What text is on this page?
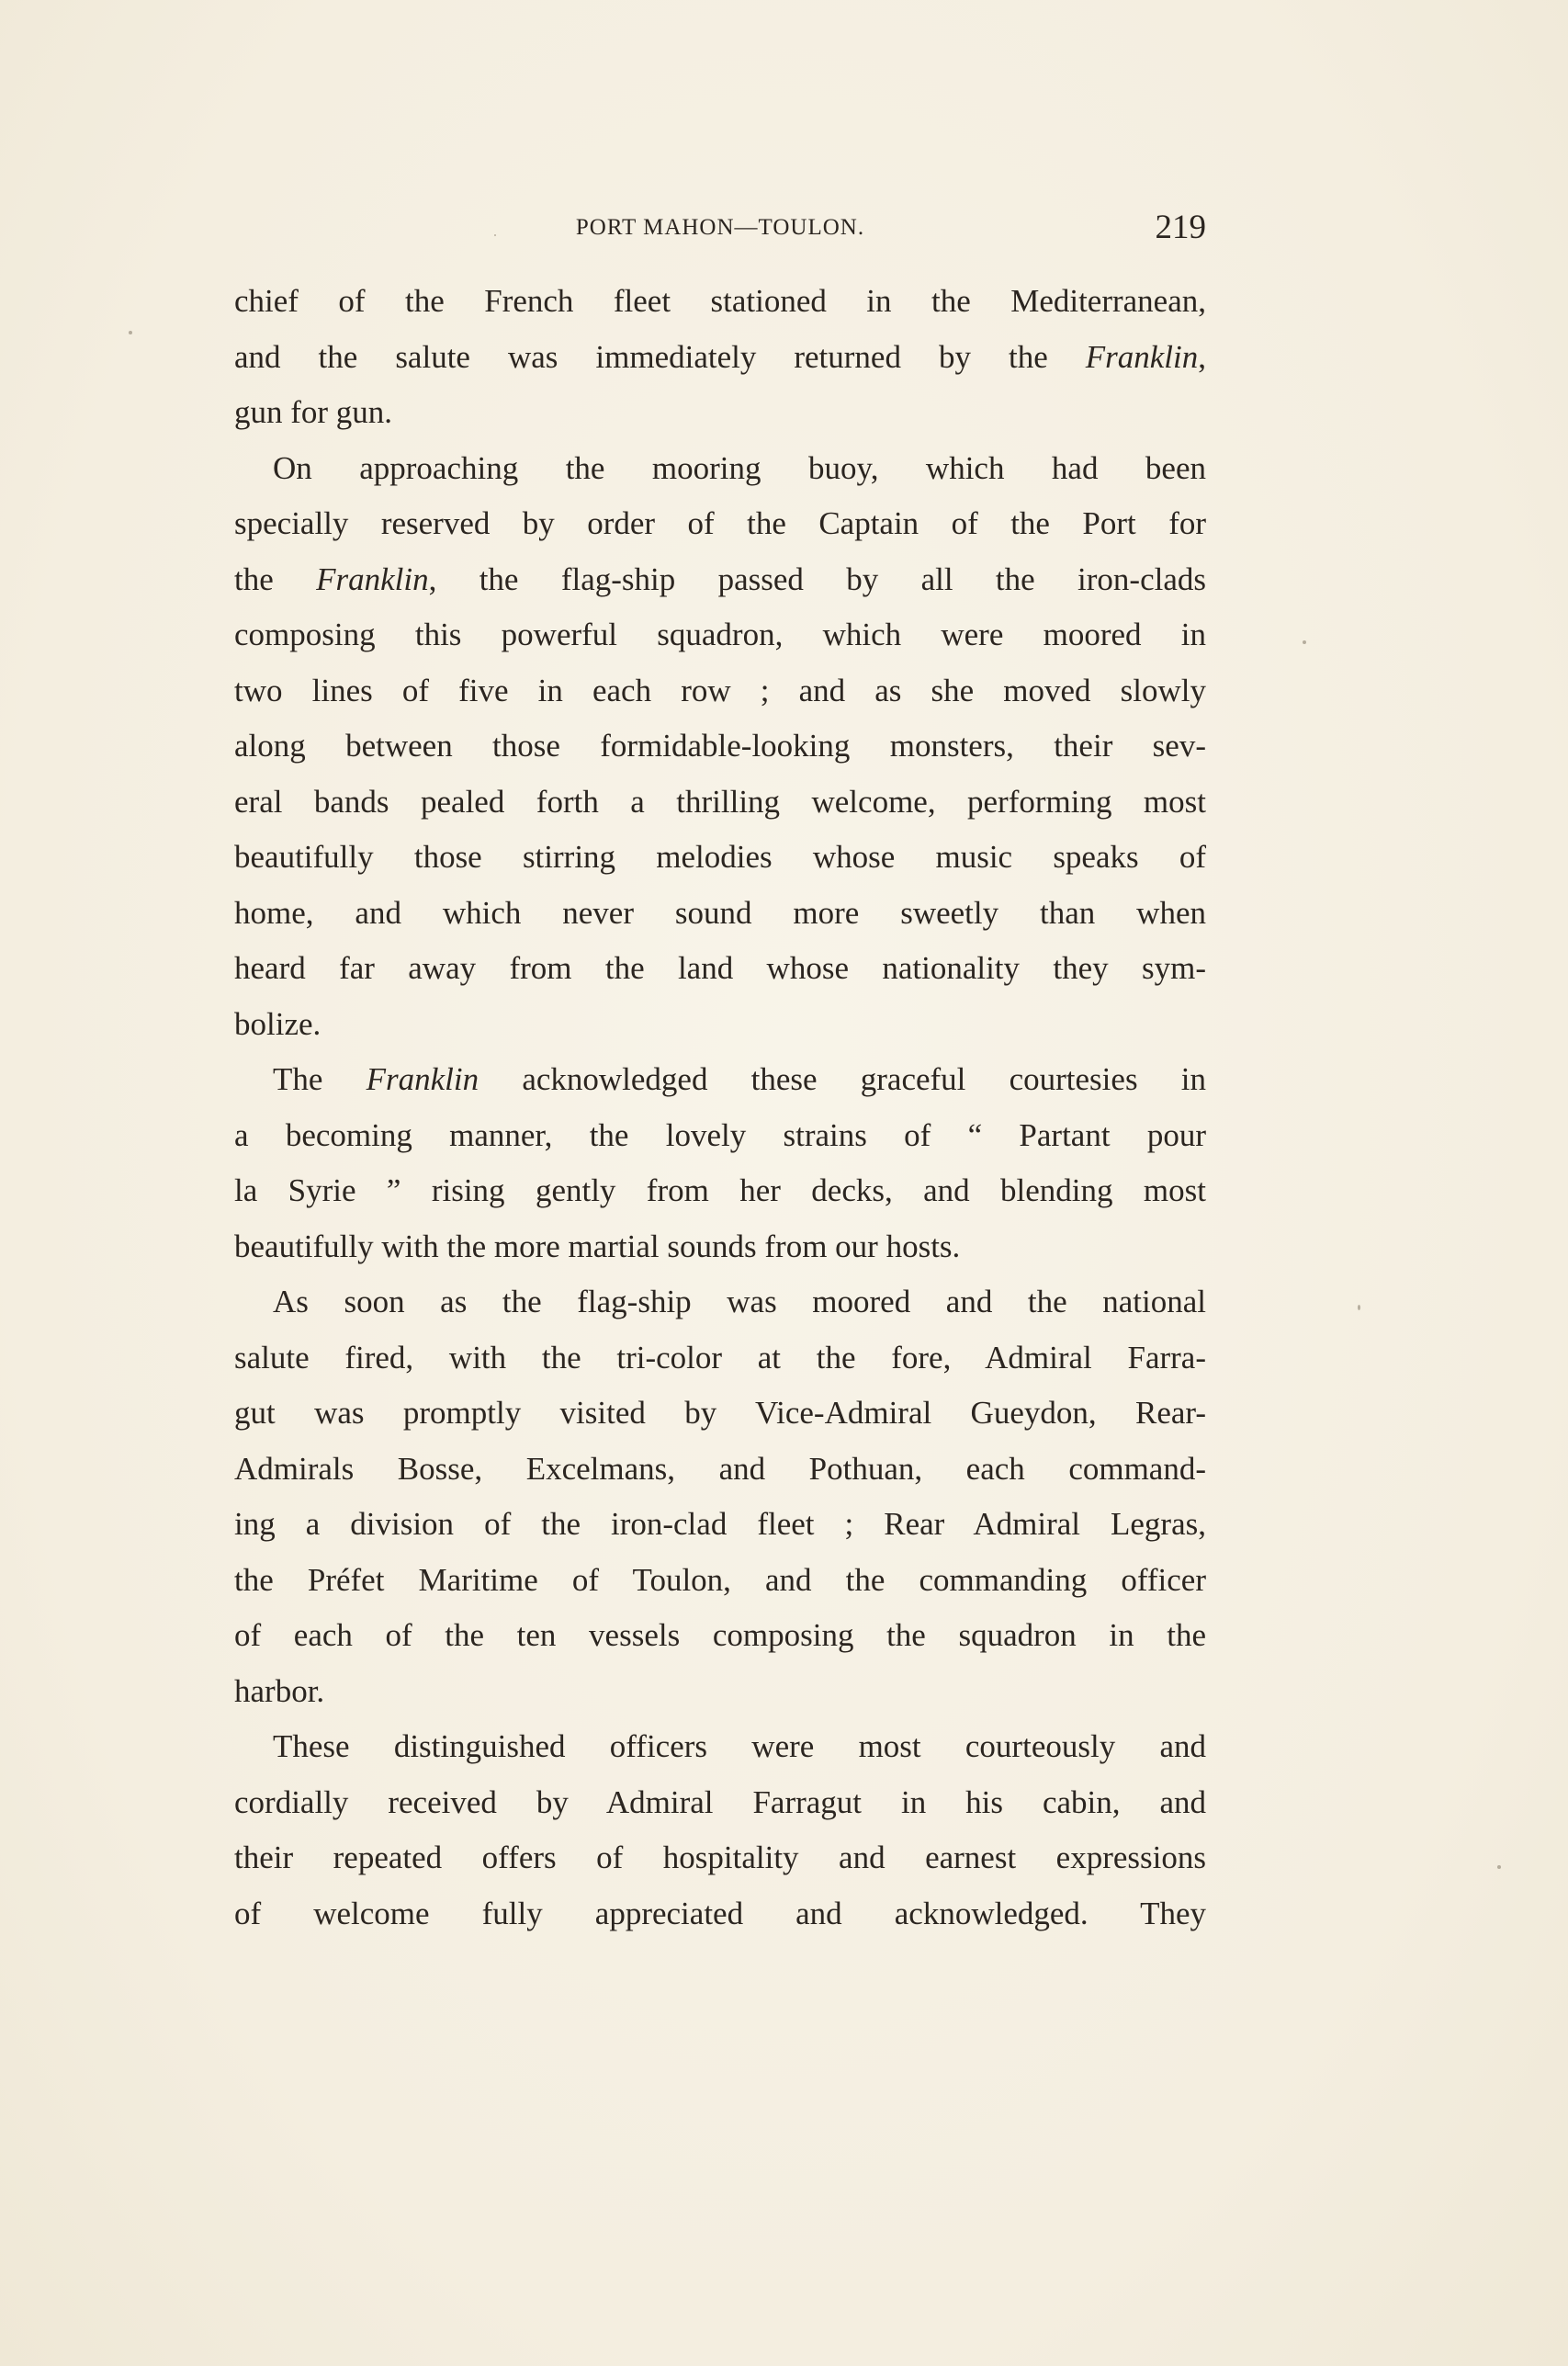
PORT MAHON—TOULON.	219
chief of the French fleet stationed in the Mediterranean,
and the salute was immediately returned by the Franklin,
gun for gun.
On approaching the mooring buoy, which had been
specially reserved by order of the Captain of the Port for
the Franklin, the flag-ship passed by all the iron-clads
composing this powerful squadron, which were moored in
two lines of five in each row ; and as she moved slowly
along between those formidable-looking monsters, their sev-
eral bands pealed forth a thrilling welcome, performing most
beautifully those stirring melodies whose music speaks of
home, and which never sound more sweetly than when
heard far away from the land whose nationality they sym-
bolize.
The Franklin acknowledged these graceful courtesies in
a becoming manner, the lovely strains of “ Partant pour
la Syrie ” rising gently from her decks, and blending most
beautifully with the more martial sounds from our hosts.
As soon as the flag-ship was moored and the national
salute fired, with the tri-color at the fore, Admiral Farra-
gut was promptly visited by Vice-Admiral Gueydon, Rear-
Admirals Bosse, Excelmans, and Pothuan, each command-
ing a division of the iron-clad fleet ; Rear Admiral Legras,
the Préfet Maritime of Toulon, and the commanding officer
of each of the ten vessels composing the squadron in the
harbor.
These distinguished officers were most courteously and
cordially received by Admiral Farragut in his cabin, and
their repeated offers of hospitality and earnest expressions
of welcome fully appreciated and acknowledged. They
